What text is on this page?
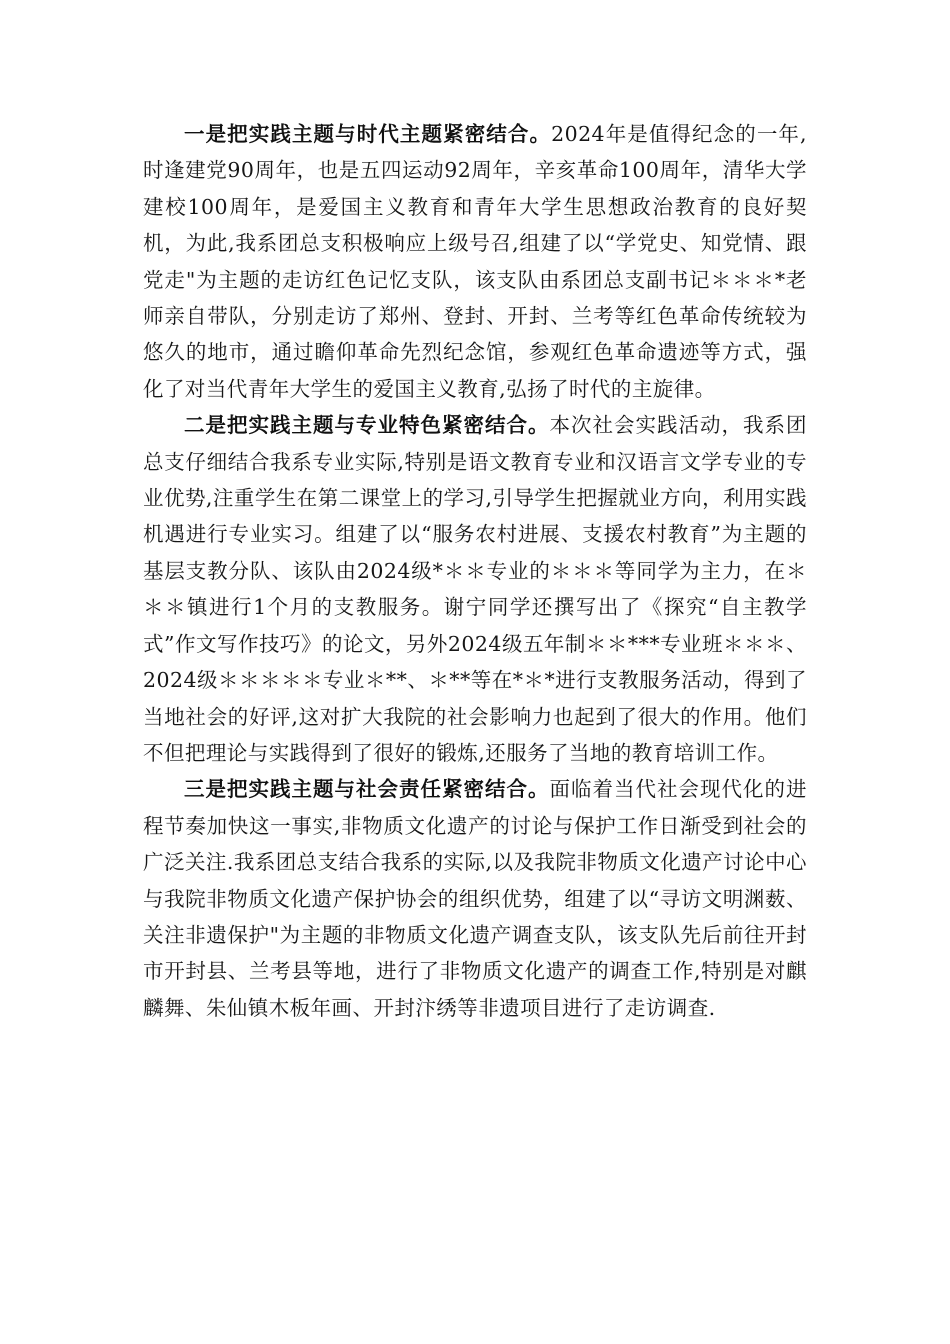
一是把实践主题与时代主题紧密结合。2024年是值得纪念的一年,时逢建党90周年，也是五四运动92周年，辛亥革命100周年，清华大学建校100周年，是爱国主义教育和青年大学生思想政治教育的良好契机，为此,我系团总支积极响应上级号召,组建了以“学党史、知党情、跟党走"为主题的走访红色记忆支队，该支队由系团总支副书记＊＊＊*老师亲自带队，分别走访了郑州、登封、开封、兰考等红色革命传统较为悠久的地市，通过瞻仰革命先烈纪念馆，参观红色革命遗迹等方式，强化了对当代青年大学生的爱国主义教育,弘扬了时代的主旋律。

二是把实践主题与专业特色紧密结合。本次社会实践活动，我系团总支仔细结合我系专业实际,特别是语文教育专业和汉语言文学专业的专业优势,注重学生在第二课堂上的学习,引导学生把握就业方向，利用实践机遇进行专业实习。组建了以“服务农村进展、支援农村教育”为主题的基层支教分队、该队由2024级*＊＊专业的＊＊＊等同学为主力，在＊＊＊镇进行1个月的支教服务。谢宁同学还撰写出了《探究“自主教学式”作文写作技巧》的论文，另外2024级五年制＊＊***专业班＊＊＊、2024级＊＊＊＊＊专业＊**、＊**等在*＊*进行支教服务活动，得到了当地社会的好评,这对扩大我院的社会影响力也起到了很大的作用。他们不但把理论与实践得到了很好的锻炼,还服务了当地的教育培训工作。

三是把实践主题与社会责任紧密结合。面临着当代社会现代化的进程节奏加快这一事实,非物质文化遗产的讨论与保护工作日渐受到社会的广泛关注.我系团总支结合我系的实际,以及我院非物质文化遗产讨论中心与我院非物质文化遗产保护协会的组织优势，组建了以“寻访文明渊薮、关注非遗保护"为主题的非物质文化遗产调查支队，该支队先后前往开封市开封县、兰考县等地，进行了非物质文化遗产的调查工作,特别是对麒麟舞、朱仙镇木板年画、开封汴绣等非遗项目进行了走访调查.
